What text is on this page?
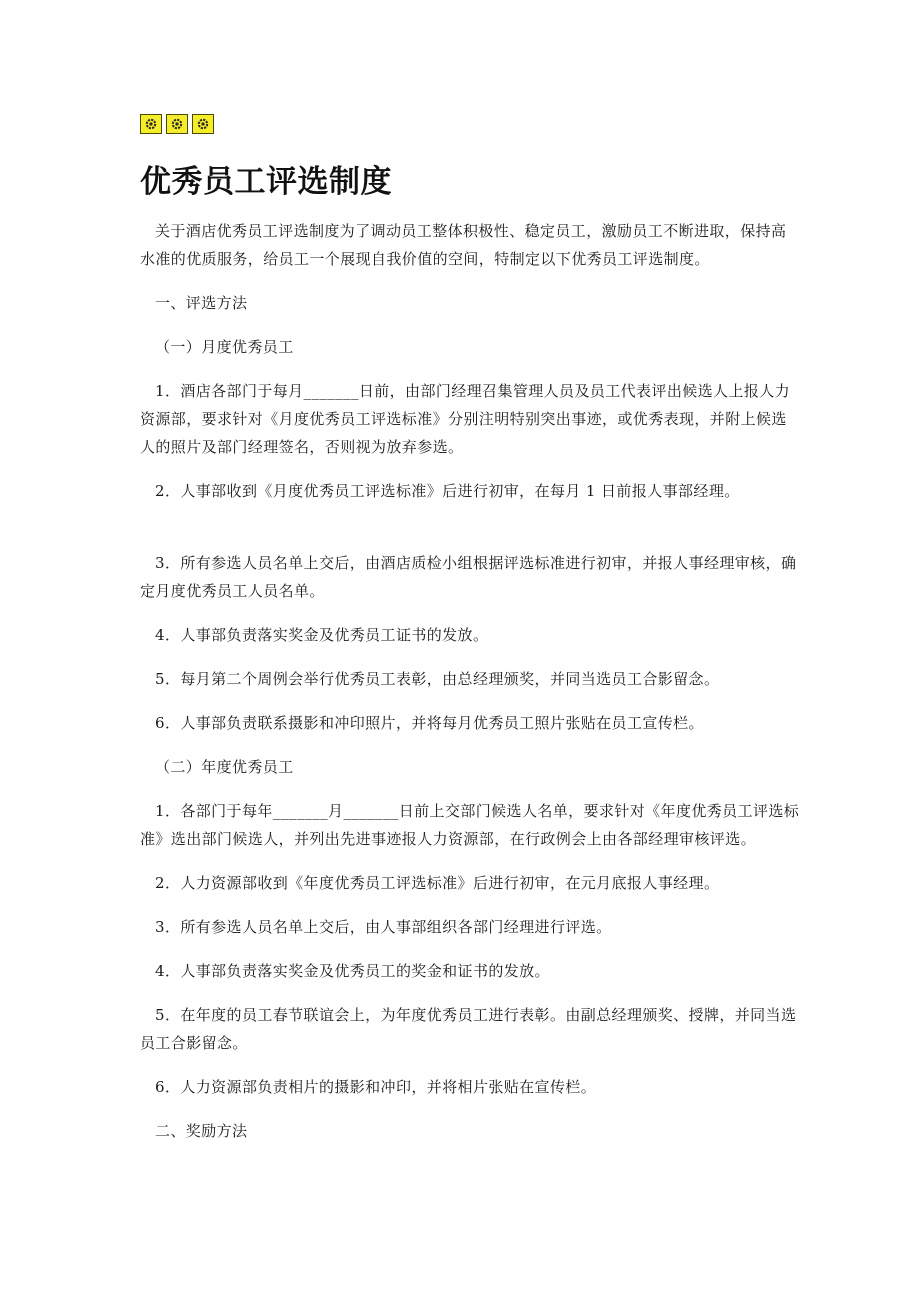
优秀员工评选制度

关于酒店优秀员工评选制度为了调动员工整体积极性、稳定员工，激励员工不断进取，保持高水准的优质服务，给员工一个展现自我价值的空间，特制定以下优秀员工评选制度。

一、评选方法

（一）月度优秀员工

1．酒店各部门于每月_______日前，由部门经理召集管理人员及员工代表评出候选人上报人力资源部，要求针对《月度优秀员工评选标准》分别注明特别突出事迹，或优秀表现，并附上候选人的照片及部门经理签名，否则视为放弃参选。

2．人事部收到《月度优秀员工评选标准》后进行初审，在每月 1 日前报人事部经理。

3．所有参选人员名单上交后，由酒店质检小组根据评选标准进行初审，并报人事经理审核，确定月度优秀员工人员名单。

4．人事部负责落实奖金及优秀员工证书的发放。

5．每月第二个周例会举行优秀员工表彰，由总经理颁奖，并同当选员工合影留念。

6．人事部负责联系摄影和冲印照片，并将每月优秀员工照片张贴在员工宣传栏。

（二）年度优秀员工

1．各部门于每年_______月_______日前上交部门候选人名单，要求针对《年度优秀员工评选标准》选出部门候选人，并列出先进事迹报人力资源部，在行政例会上由各部经理审核评选。

2．人力资源部收到《年度优秀员工评选标准》后进行初审，在元月底报人事经理。

3．所有参选人员名单上交后，由人事部组织各部门经理进行评选。

4．人事部负责落实奖金及优秀员工的奖金和证书的发放。

5．在年度的员工春节联谊会上，为年度优秀员工进行表彰。由副总经理颁奖、授牌，并同当选员工合影留念。

6．人力资源部负责相片的摄影和冲印，并将相片张贴在宣传栏。

二、奖励方法
